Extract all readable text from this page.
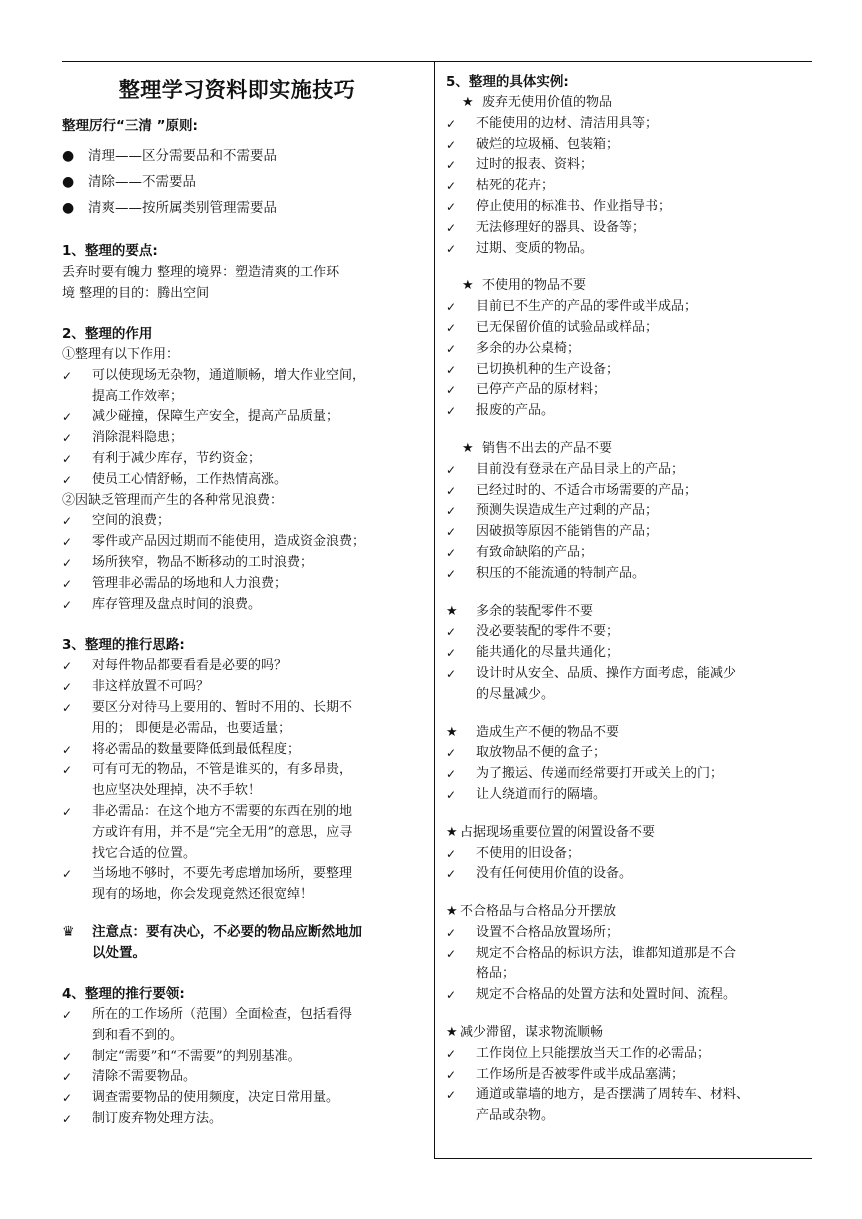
整理学习资料即实施技巧
整理厉行“三清 ”原则:
●	清理——区分需要品和不需要品
●	清除——不需要品
●	清爽——按所属类别管理需要品
1、整理的要点:

丢弃时要有魄力 整理的境界：塑造清爽的工作环

境 整理的目的：腾出空间

2、整理的作用

①整理有以下作用：

✓	可以使现场无杂物，通道顺畅，增大作业空间，
提高工作效率；
✓	减少碰撞，保障生产安全，提高产品质量；
✓	消除混料隐患；
✓	有利于减少库存，节约资金；
✓	使员工心情舒畅，工作热情高涨。

②因缺乏管理而产生的各种常见浪费：

✓	空间的浪费；
✓	零件或产品因过期而不能使用，造成资金浪费；
✓	场所狭窄，物品不断移动的工时浪费；
✓	管理非必需品的场地和人力浪费；
✓	库存管理及盘点时间的浪费。
3、整理的推行思路:
✓	对每件物品都要看看是必要的吗？
✓	非这样放置不可吗？
✓	要区分对待马上要用的、暂时不用的、长期不
用的； 即便是必需品，也要适量；
✓	将必需品的数量要降低到最低程度；
✓	可有可无的物品，不管是谁买的，有多昂贵，
也应坚决处理掉，决不手软！
✓	非必需品：在这个地方不需要的东西在别的地
方或许有用，并不是“完全无用”的意思，应寻
找它合适的位置。
✓	当场地不够时，不要先考虑增加场所，要整理
现有的场地，你会发现竟然还很宽绰！
♛	注意点：要有决心，不必要的物品应断然地加
以处置。
4、整理的推行要领:
✓	所在的工作场所（范围）全面检查，包括看得
到和看不到的。
✓	制定“需要”和“不需要”的判别基准。
✓	清除不需要物品。
✓	调查需要物品的使用频度，决定日常用量。
✓	制订废弃物处理方法。
5、整理的具体实例:
★ 废弃无使用价值的物品
✓	不能使用的边材、清洁用具等；
✓	破烂的垃圾桶、包装箱；
✓	过时的报表、资料；
✓	枯死的花卉；
✓	停止使用的标准书、作业指导书；
✓	无法修理好的器具、设备等；
✓	过期、变质的物品。
★ 不使用的物品不要
✓	目前已不生产的产品的零件或半成品；
✓	已无保留价值的试验品或样品；
✓	多余的办公桌椅；
✓	已切换机种的生产设备；
✓	已停产产品的原材料；
✓	报废的产品。
★ 销售不出去的产品不要
✓	目前没有登录在产品目录上的产品；
✓	已经过时的、不适合市场需要的产品；
✓	预测失误造成生产过剩的产品；
✓	因破损等原因不能销售的产品；
✓	有致命缺陷的产品；
✓	积压的不能流通的特制产品。
★	多余的装配零件不要
✓	没必要装配的零件不要；
✓	能共通化的尽量共通化；
✓	设计时从安全、品质、操作方面考虑，能减少
的尽量减少。
★	造成生产不便的物品不要
✓	取放物品不便的盒子；
✓	为了搬运、传递而经常要打开或关上的门；
✓	让人绕道而行的隔墙。
★ 占据现场重要位置的闲置设备不要
✓	不使用的旧设备；
✓	没有任何使用价值的设备。
★ 不合格品与合格品分开摆放
✓	设置不合格品放置场所；
✓	规定不合格品的标识方法，谁都知道那是不合
格品；
✓	规定不合格品的处置方法和处置时间、流程。
★ 减少滞留，谋求物流顺畅
✓	工作岗位上只能摆放当天工作的必需品；
✓	工作场所是否被零件或半成品塞满；
✓	通道或靠墙的地方，是否摆满了周转车、材料、
产品或杂物。
